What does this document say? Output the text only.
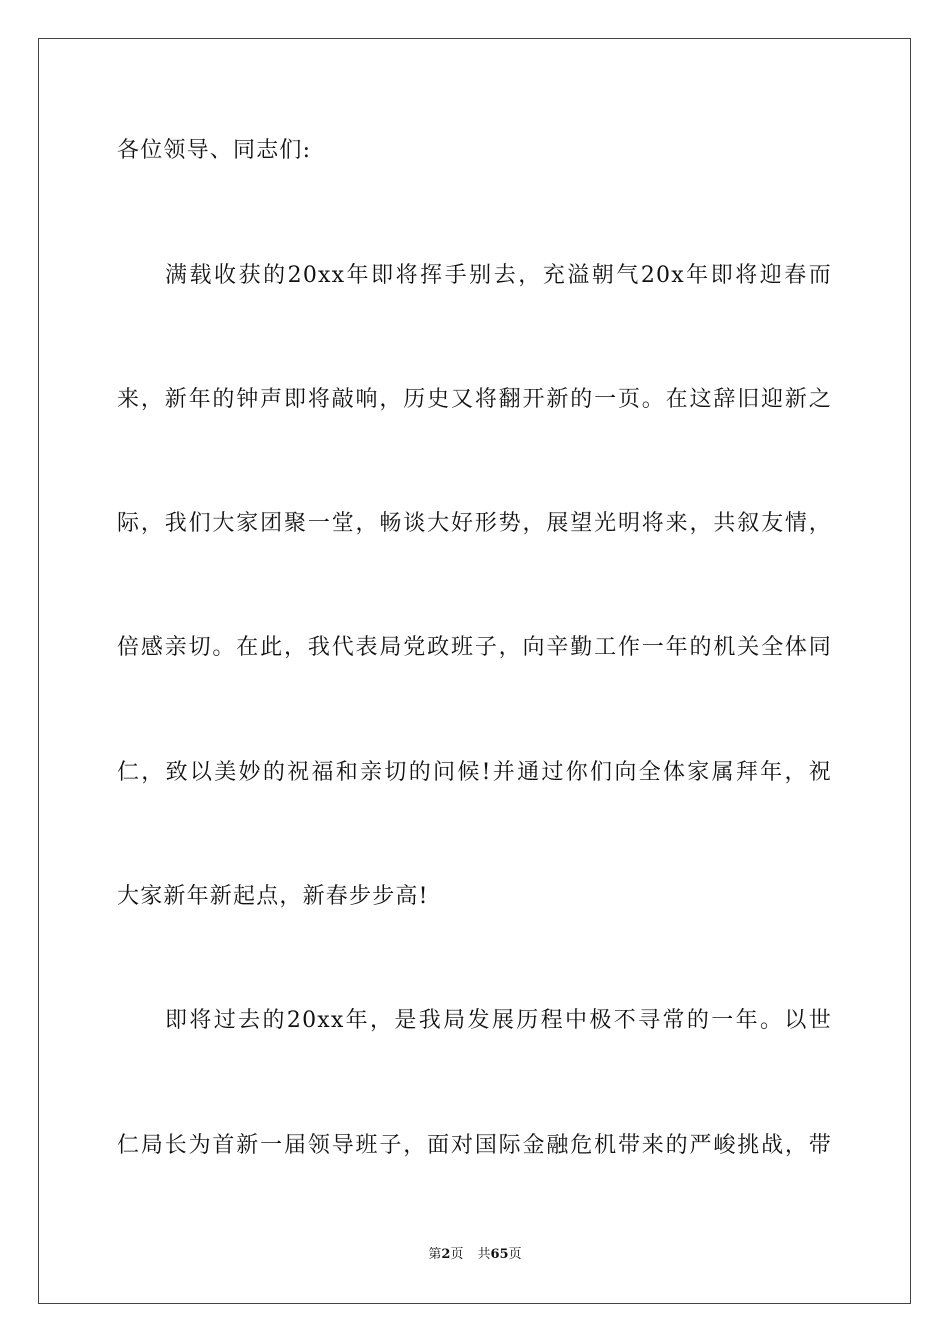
各位领导、同志们:
满载收获的20xx年即将挥手别去，充溢朝气20x年即将迎春而
来，新年的钟声即将敲响，历史又将翻开新的一页。在这辞旧迎新之
际，我们大家团聚一堂，畅谈大好形势，展望光明将来，共叙友情，
倍感亲切。在此，我代表局党政班子，向辛勤工作一年的机关全体同
仁，致以美妙的祝福和亲切的问候!并通过你们向全体家属拜年，祝
大家新年新起点，新春步步高!
即将过去的20xx年，是我局发展历程中极不寻常的一年。以世
仁局长为首新一届领导班子，面对国际金融危机带来的严峻挑战，带
第2页 共65页
